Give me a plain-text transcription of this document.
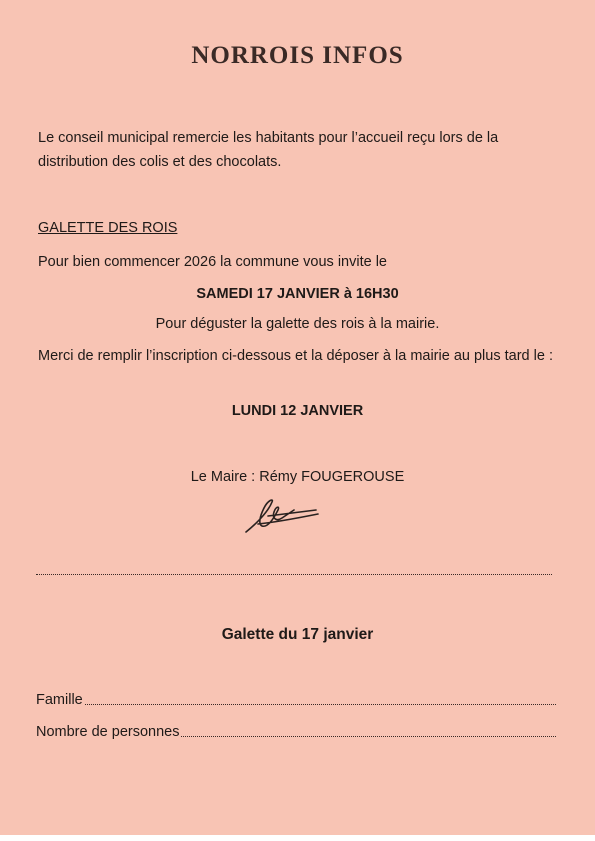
NORROIS INFOS
Le conseil municipal remercie les habitants pour l’accueil reçu lors de la distribution des colis et des chocolats.
GALETTE DES ROIS
Pour bien commencer 2026 la commune vous invite le
SAMEDI 17 JANVIER à 16H30
Pour déguster la galette des rois à la mairie.
Merci de remplir l’inscription ci-dessous et la déposer à la mairie au plus tard le :
LUNDI 12 JANVIER
Le Maire : Rémy FOUGEROUSE
Galette du 17 janvier
Famille
Nombre de personnes
